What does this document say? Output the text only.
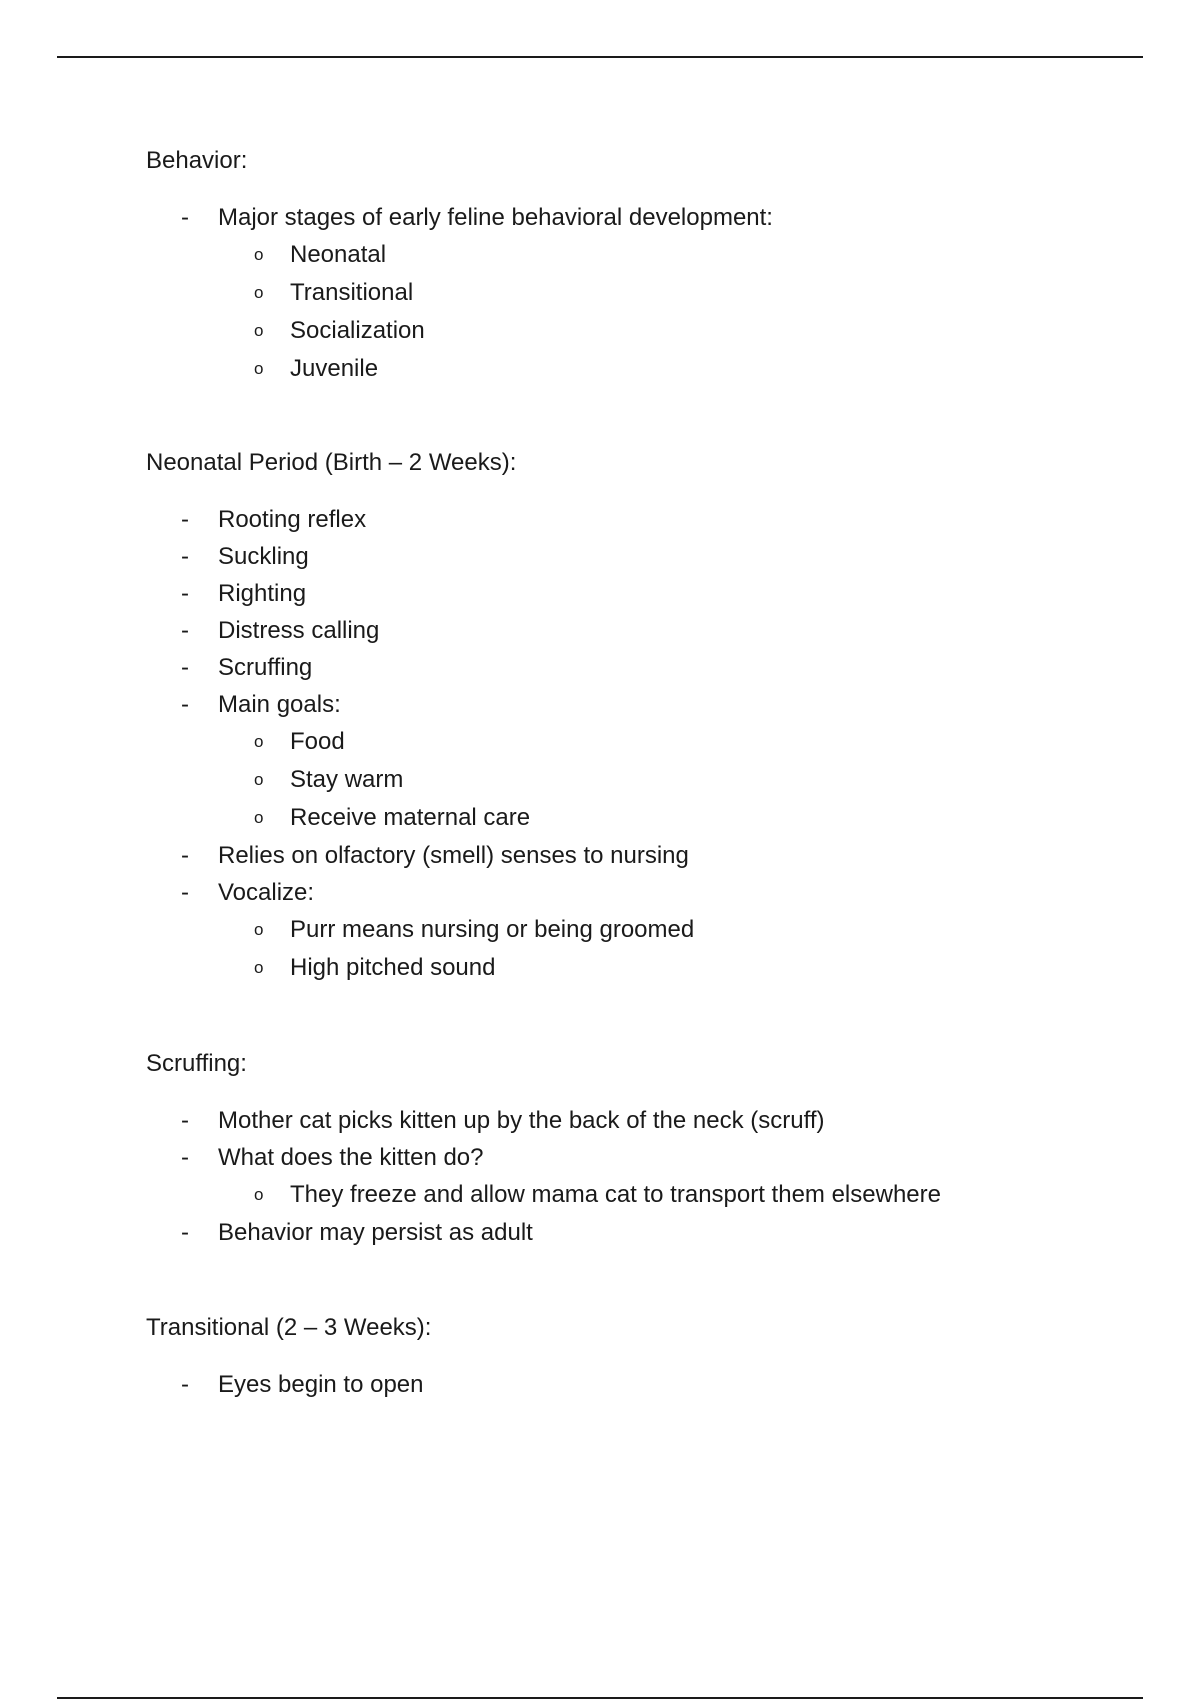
Behavior:

- Major stages of early feline behavioral development:
o Neonatal
o Transitional
o Socialization
o Juvenile

Neonatal Period (Birth – 2 Weeks):

- Rooting reflex
- Suckling
- Righting
- Distress calling
- Scruffing
- Main goals:
o Food
o Stay warm
o Receive maternal care
- Relies on olfactory (smell) senses to nursing
- Vocalize:
o Purr means nursing or being groomed
o High pitched sound

Scruffing:

- Mother cat picks kitten up by the back of the neck (scruff)
- What does the kitten do?
o They freeze and allow mama cat to transport them elsewhere
- Behavior may persist as adult

Transitional (2 – 3 Weeks):

- Eyes begin to open
